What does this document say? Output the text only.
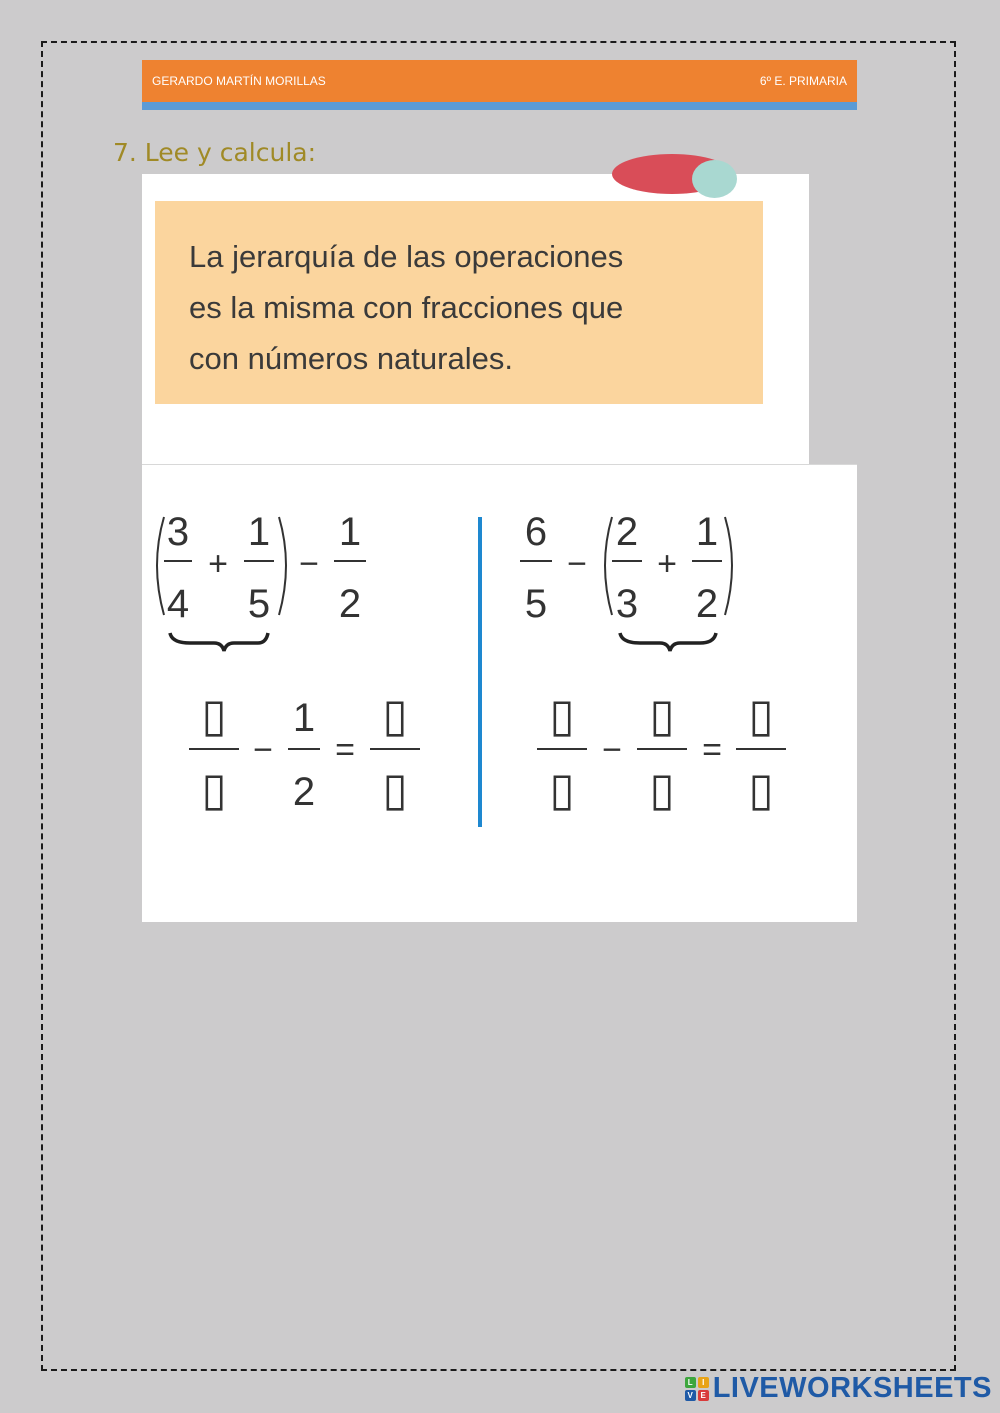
GERARDO MARTÍN MORILLAS	6º E. PRIMARIA
7. Lee y calcula:
La jerarquía de las operaciones
es la misma con fracciones que
con números naturales.
3
4
+
1
5
−
1
2
▯
▯
−
1
2
=
▯
▯
6
5
−
2
3
+
1
2
▯
▯
−
▯
▯
=
▯
▯
L	I
V E LIVEWORKSHEETS
